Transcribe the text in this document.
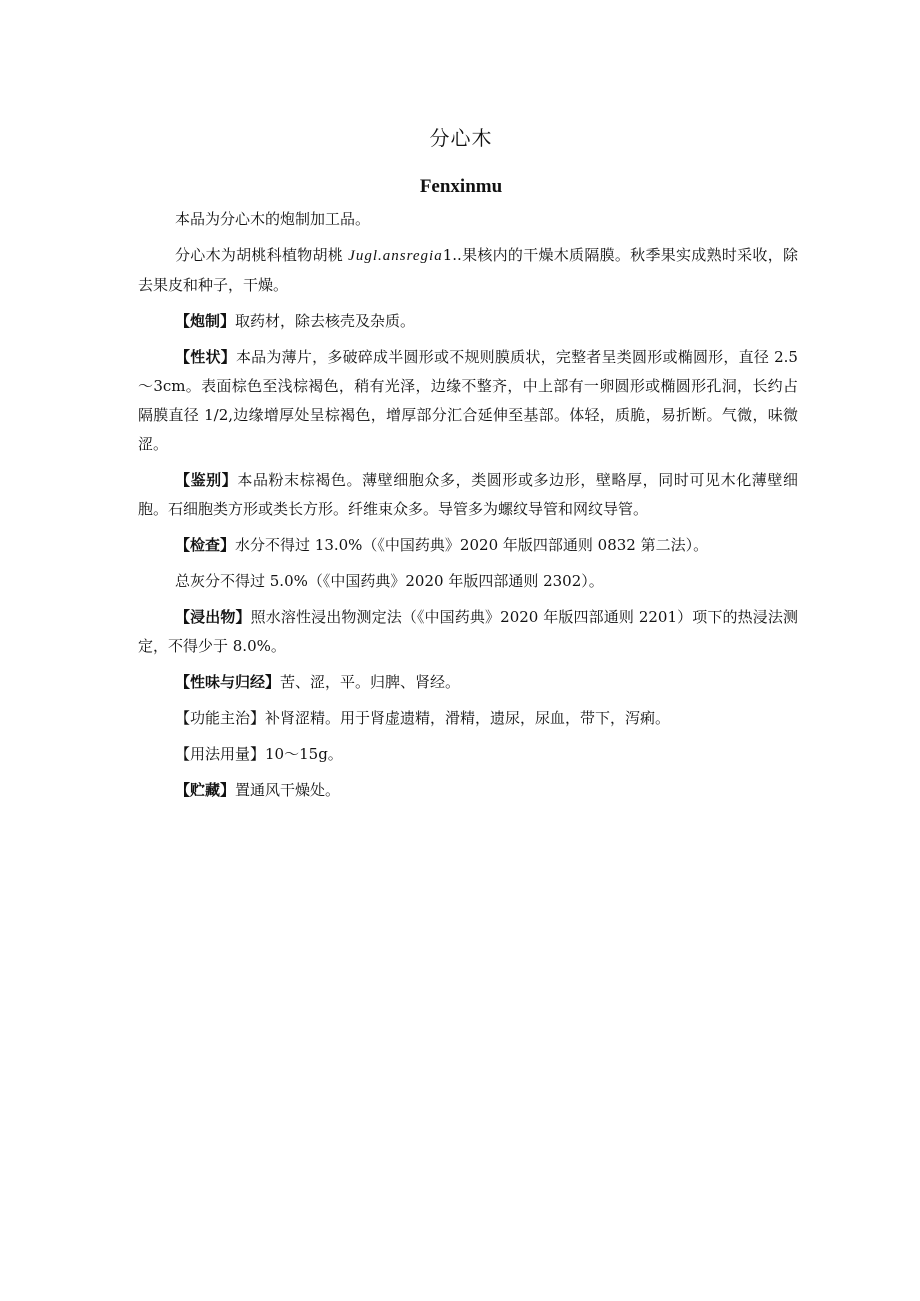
分心木
Fenxinmu

本品为分心木的炮制加工品。

分心木为胡桃科植物胡桃 Jugl.ansregia1..果核内的干燥木质隔膜。秋季果实成熟时采收，除去果皮和种子，干燥。

【炮制】取药材，除去核壳及杂质。

【性状】本品为薄片，多破碎成半圆形或不规则膜质状，完整者呈类圆形或椭圆形，直径 2.5～3cm。表面棕色至浅棕褐色，稍有光泽，边缘不整齐，中上部有一卵圆形或椭圆形孔洞，长约占隔膜直径 1/2,边缘增厚处呈棕褐色，增厚部分汇合延伸至基部。体轻，质脆，易折断。气微，味微涩。

【鉴别】本品粉末棕褐色。薄壁细胞众多，类圆形或多边形，壁略厚，同时可见木化薄壁细胞。石细胞类方形或类长方形。纤维束众多。导管多为螺纹导管和网纹导管。

【检查】水分不得过 13.0%（《中国药典》2020 年版四部通则 0832 第二法）。

总灰分不得过 5.0%（《中国药典》2020 年版四部通则 2302）。

【浸出物】照水溶性浸出物测定法（《中国药典》2020 年版四部通则 2201）项下的热浸法测定，不得少于 8.0%。

【性味与归经】苦、涩，平。归脾、肾经。

【功能主治】补肾涩精。用于肾虚遗精，滑精，遗尿，尿血，带下，泻痢。

【用法用量】10～15g。

【贮藏】置通风干燥处。
